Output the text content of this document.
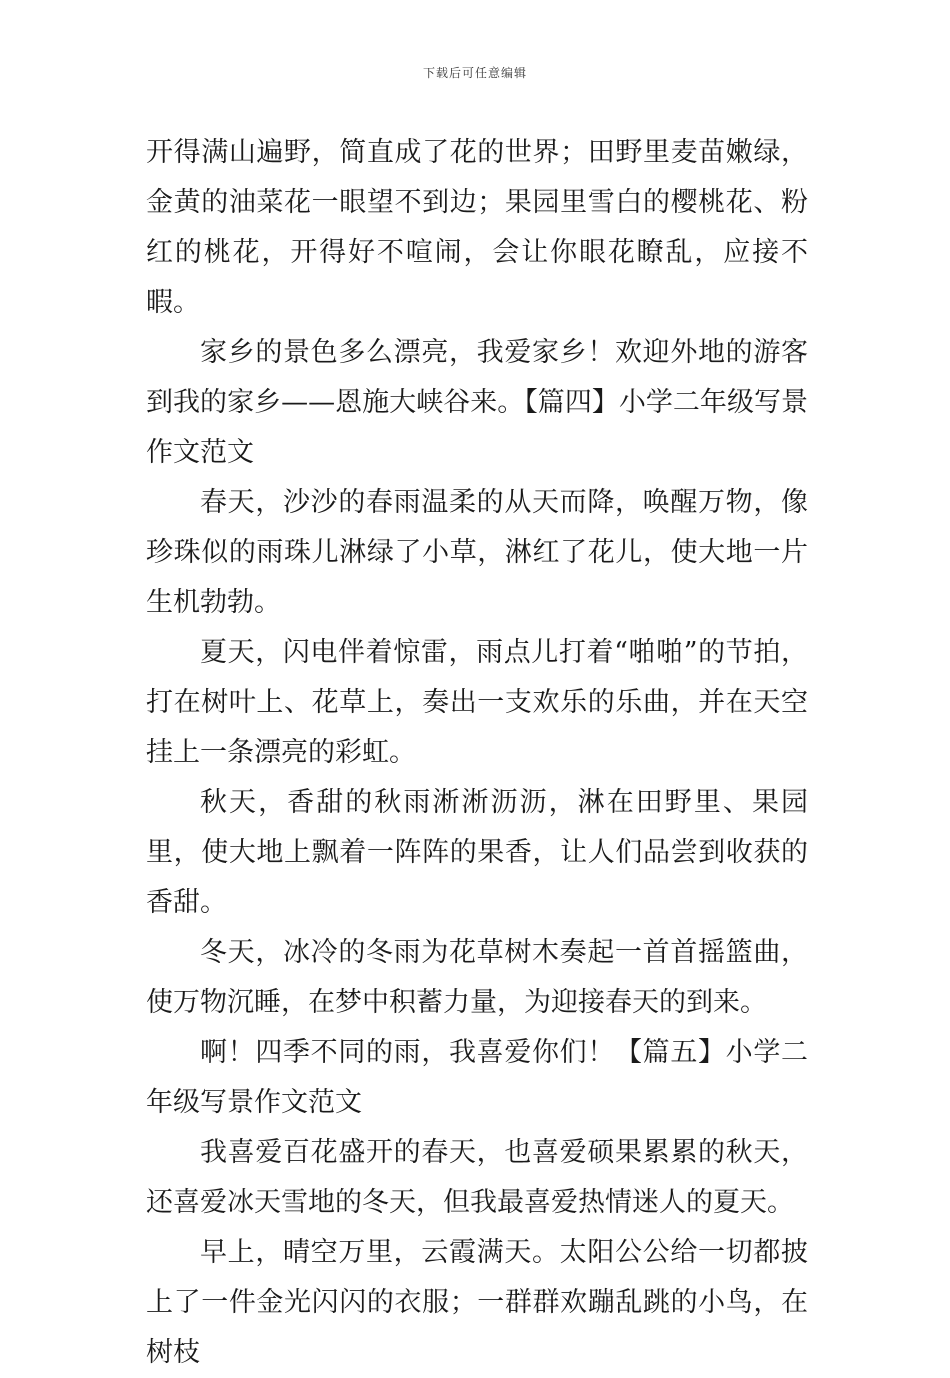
下载后可任意编辑

开得满山遍野，简直成了花的世界；田野里麦苗嫩绿，金黄的油菜花一眼望不到边；果园里雪白的樱桃花、粉红的桃花，开得好不喧闹，会让你眼花瞭乱，应接不暇。

家乡的景色多么漂亮，我爱家乡！欢迎外地的游客到我的家乡——恩施大峡谷来。【篇四】小学二年级写景作文范文

春天，沙沙的春雨温柔的从天而降，唤醒万物，像珍珠似的雨珠儿淋绿了小草，淋红了花儿，使大地一片生机勃勃。

夏天，闪电伴着惊雷，雨点儿打着“啪啪”的节拍，打在树叶上、花草上，奏出一支欢乐的乐曲，并在天空挂上一条漂亮的彩虹。

秋天，香甜的秋雨淅淅沥沥，淋在田野里、果园里，使大地上飘着一阵阵的果香，让人们品尝到收获的香甜。

冬天，冰冷的冬雨为花草树木奏起一首首摇篮曲，使万物沉睡，在梦中积蓄力量，为迎接春天的到来。

啊！四季不同的雨，我喜爱你们！【篇五】小学二年级写景作文范文

我喜爱百花盛开的春天，也喜爱硕果累累的秋天，还喜爱冰天雪地的冬天，但我最喜爱热情迷人的夏天。

早上，晴空万里，云霞满天。太阳公公给一切都披上了一件金光闪闪的衣服；一群群欢蹦乱跳的小鸟，在树枝
